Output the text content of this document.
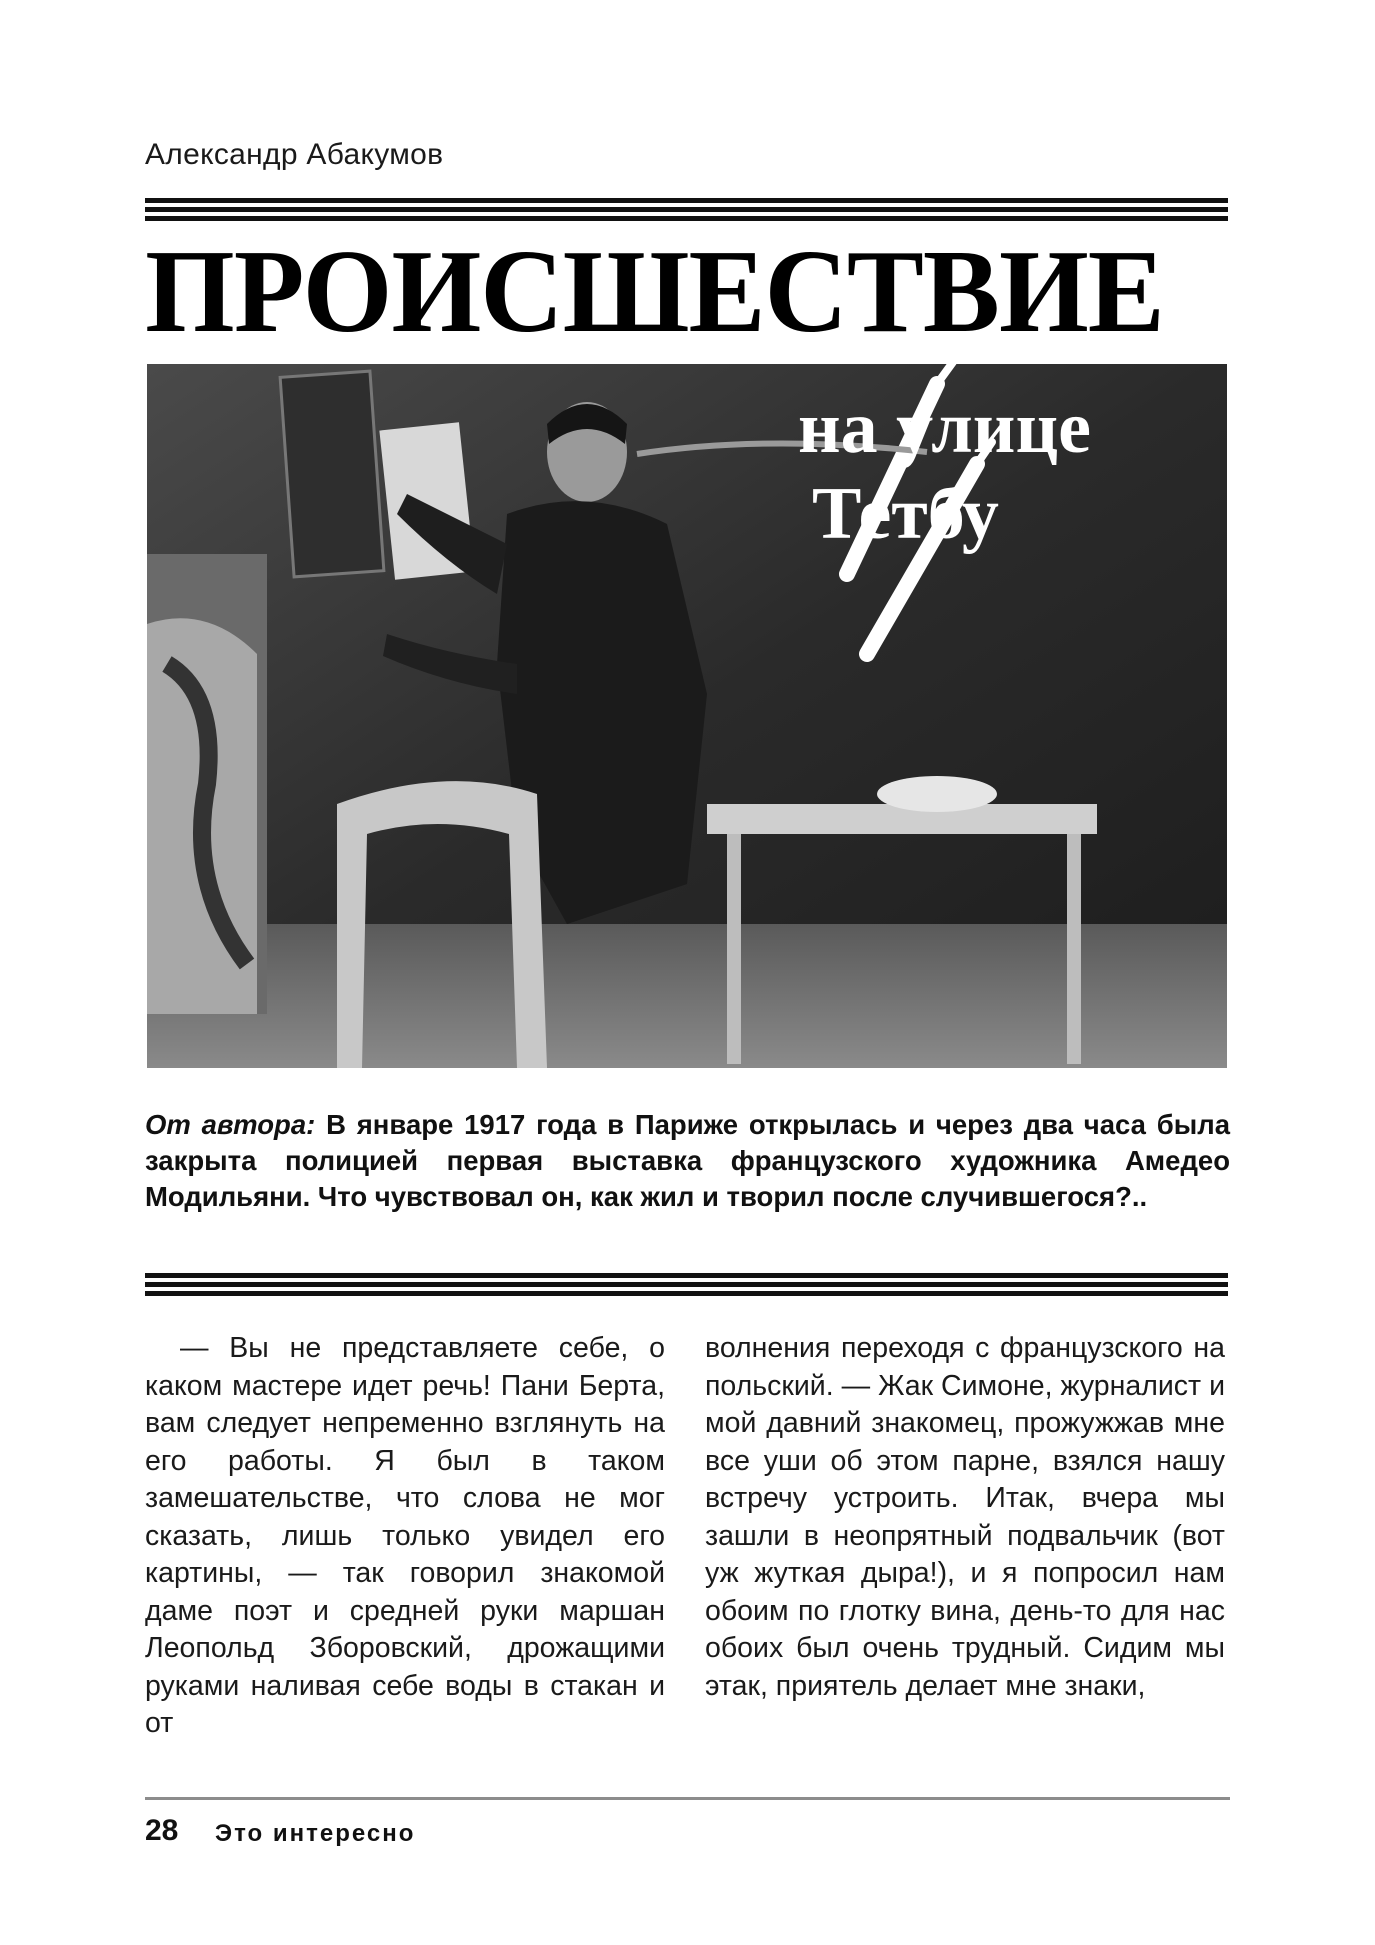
Александр Абакумов
ПРОИСШЕСТВИЕ
на улице
Тетбу
От автора: В январе 1917 года в Париже открылась и через два часа была закрыта полицией первая выставка французского художника Амедео Модильяни. Что чувствовал он, как жил и творил после случившегося?..
— Вы не представляете себе, о каком мастере идет речь! Пани Берта, вам следует непременно взглянуть на его работы. Я был в таком замешательстве, что слова не мог сказать, лишь только увидел его картины, — так говорил знакомой даме поэт и средней руки маршан Леопольд Зборовский, дрожащими руками наливая себе воды в стакан и от
волнения переходя с французского на польский. — Жак Симоне, журналист и мой давний знакомец, прожужжав мне все уши об этом парне, взялся нашу встречу устроить. Итак, вчера мы зашли в неопрятный подвальчик (вот уж жуткая дыра!), и я попросил нам обоим по глотку вина, день-то для нас обоих был очень трудный. Сидим мы этак, приятель делает мне знаки,
28 Это интересно
